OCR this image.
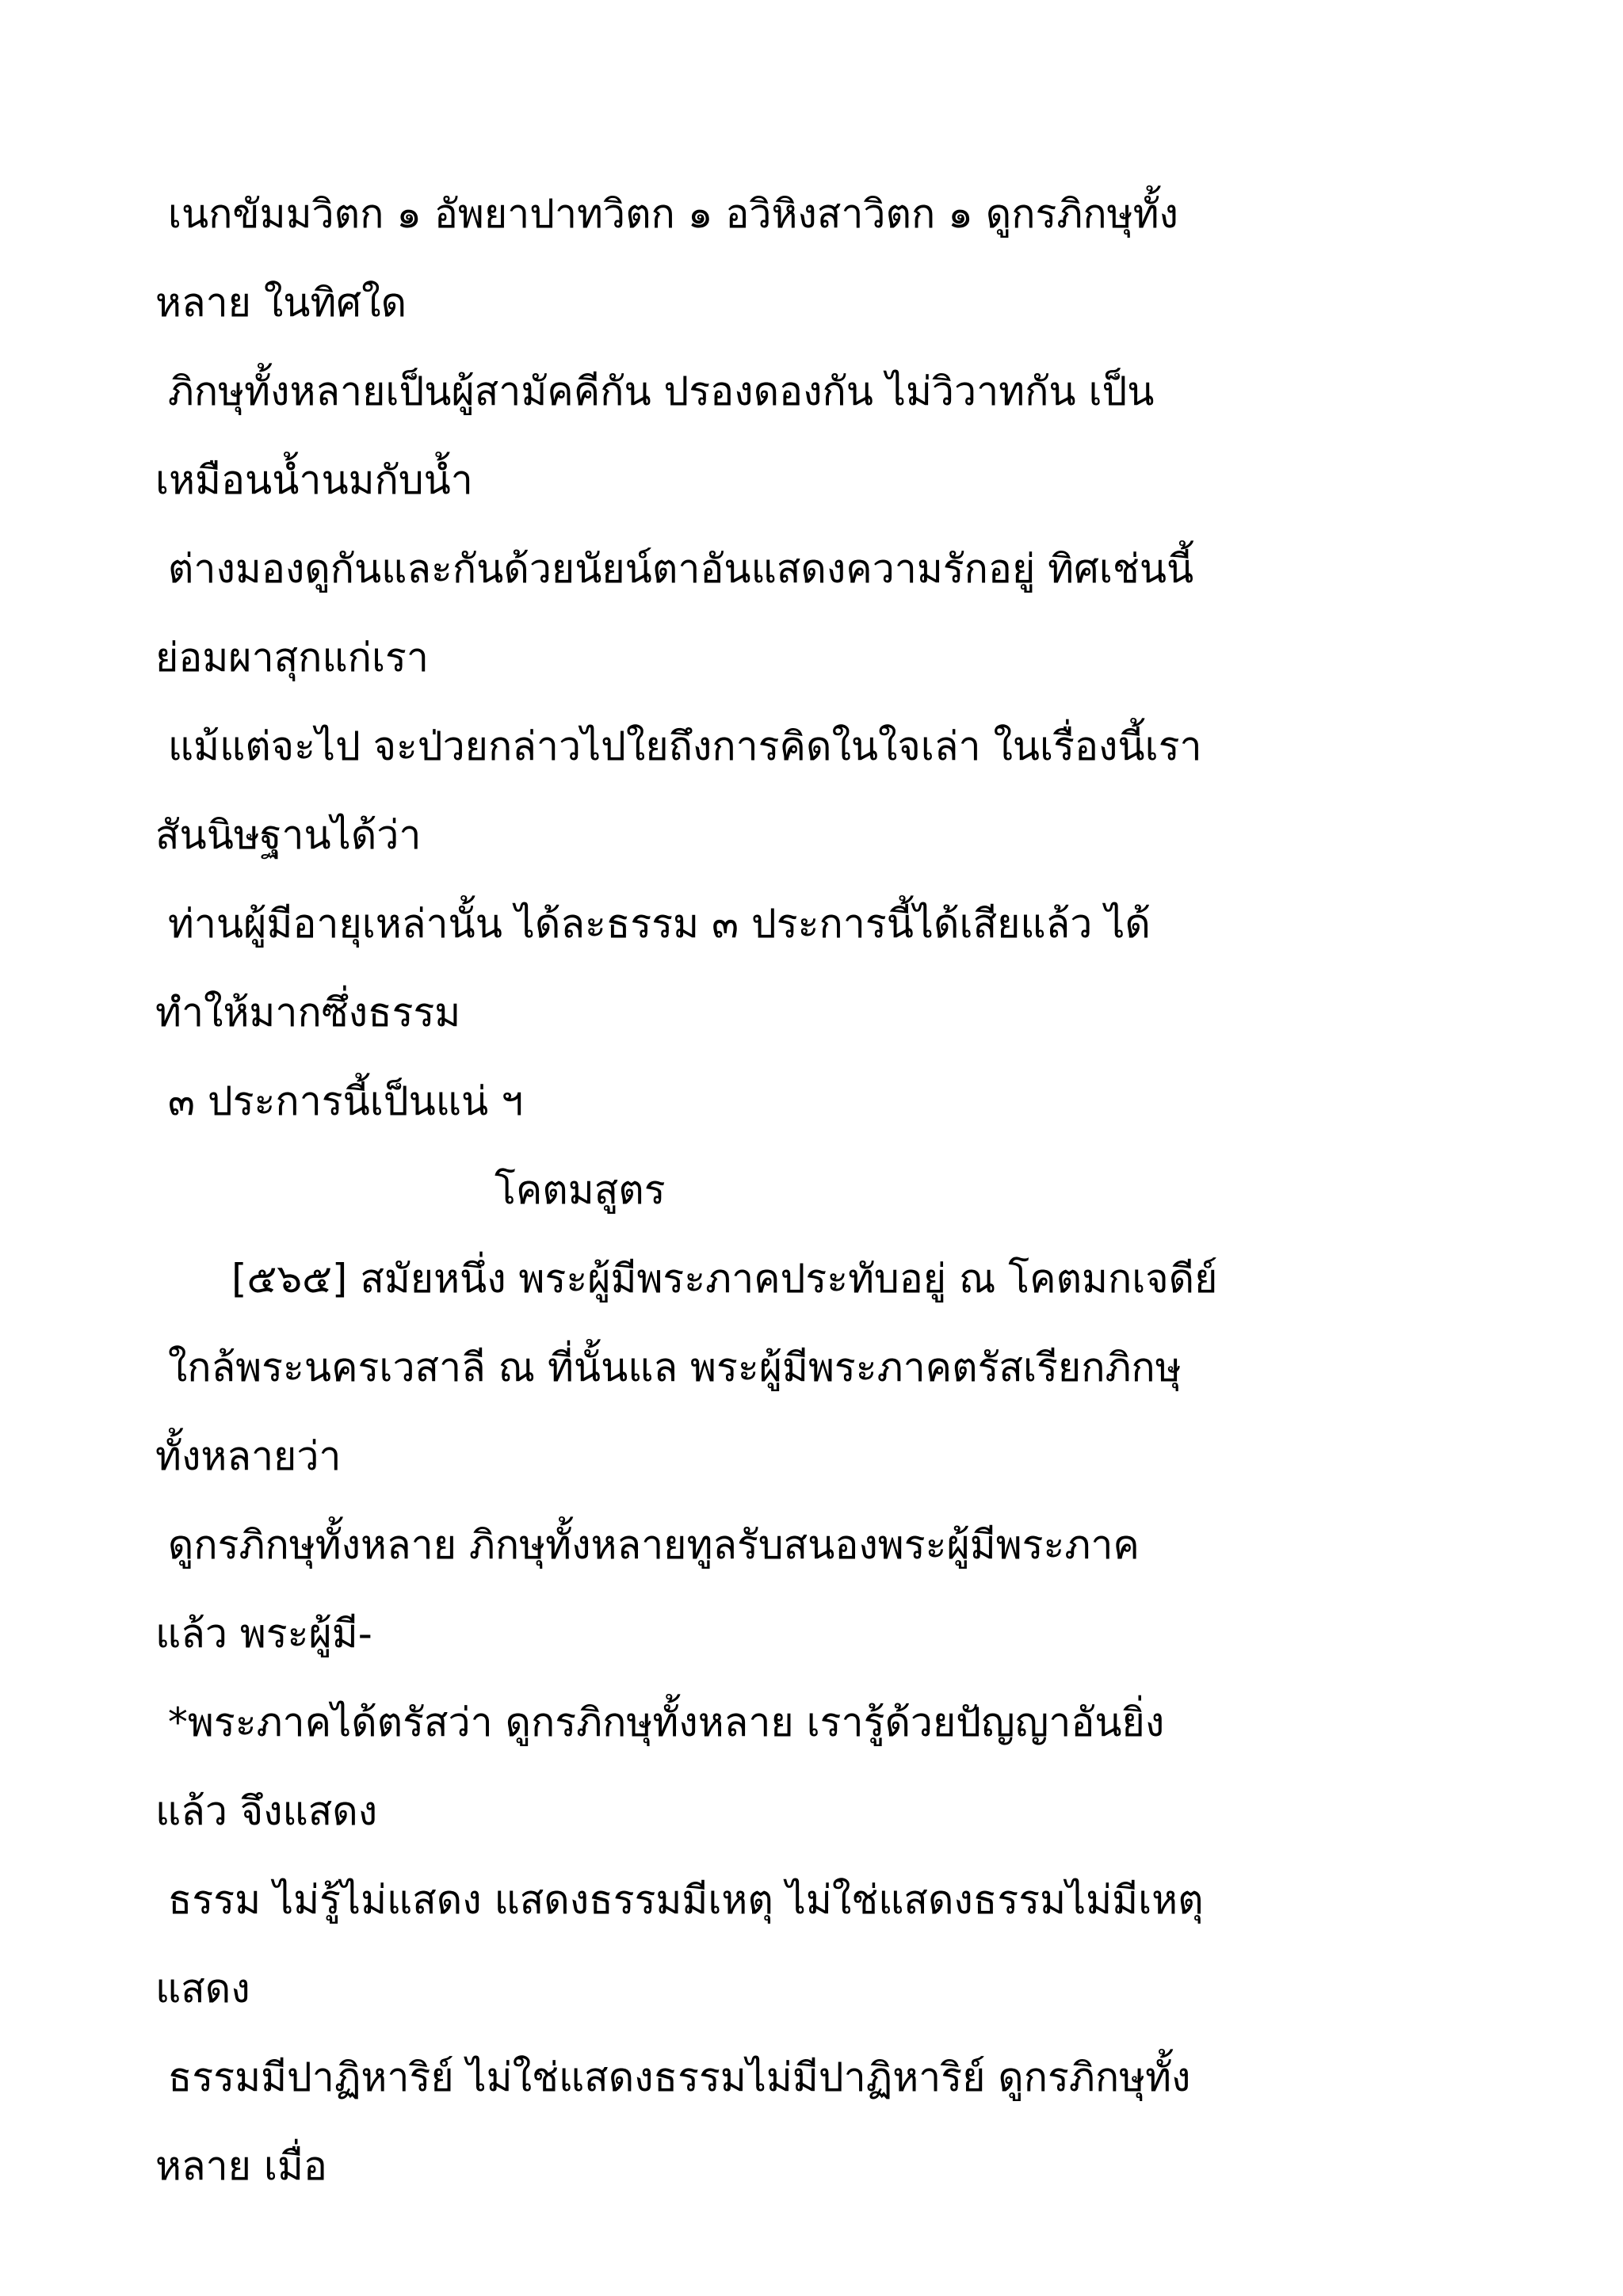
เนกขัมมวิตก ๑ อัพยาปาทวิตก ๑ อวิหิงสาวิตก ๑ ดูกรภิกษุทั้ง
หลาย ในทิศใด
ภิกษุทั้งหลายเป็นผู้สามัคคีกัน ปรองดองกัน ไม่วิวาทกัน เป็น
เหมือนน้ำนมกับน้ำ
ต่างมองดูกันและกันด้วยนัยน์ตาอันแสดงความรักอยู่ ทิศเช่นนี้
ย่อมผาสุกแก่เรา
แม้แต่จะไป จะป่วยกล่าวไปใยถึงการคิดในใจเล่า ในเรื่องนี้เรา
สันนิษฐานได้ว่า
ท่านผู้มีอายุเหล่านั้น ได้ละธรรม ๓ ประการนี้ได้เสียแล้ว ได้
ทำให้มากซึ่งธรรม
๓ ประการนี้เป็นแน่ ฯ
โคตมสูตร
[๕๖๕] สมัยหนึ่ง พระผู้มีพระภาคประทับอยู่ ณ โคตมกเจดีย์
ใกล้พระนครเวสาลี ณ ที่นั้นแล พระผู้มีพระภาคตรัสเรียกภิกษุ
ทั้งหลายว่า
ดูกรภิกษุทั้งหลาย ภิกษุทั้งหลายทูลรับสนองพระผู้มีพระภาค
แล้ว พระผู้มี-
*พระภาคได้ตรัสว่า ดูกรภิกษุทั้งหลาย เรารู้ด้วยปัญญาอันยิ่ง
แล้ว จึงแสดง
ธรรม ไม่รู้ไม่แสดง แสดงธรรมมีเหตุ ไม่ใช่แสดงธรรมไม่มีเหตุ
แสดง
ธรรมมีปาฏิหาริย์ ไม่ใช่แสดงธรรมไม่มีปาฏิหาริย์ ดูกรภิกษุทั้ง
หลาย เมื่อ
